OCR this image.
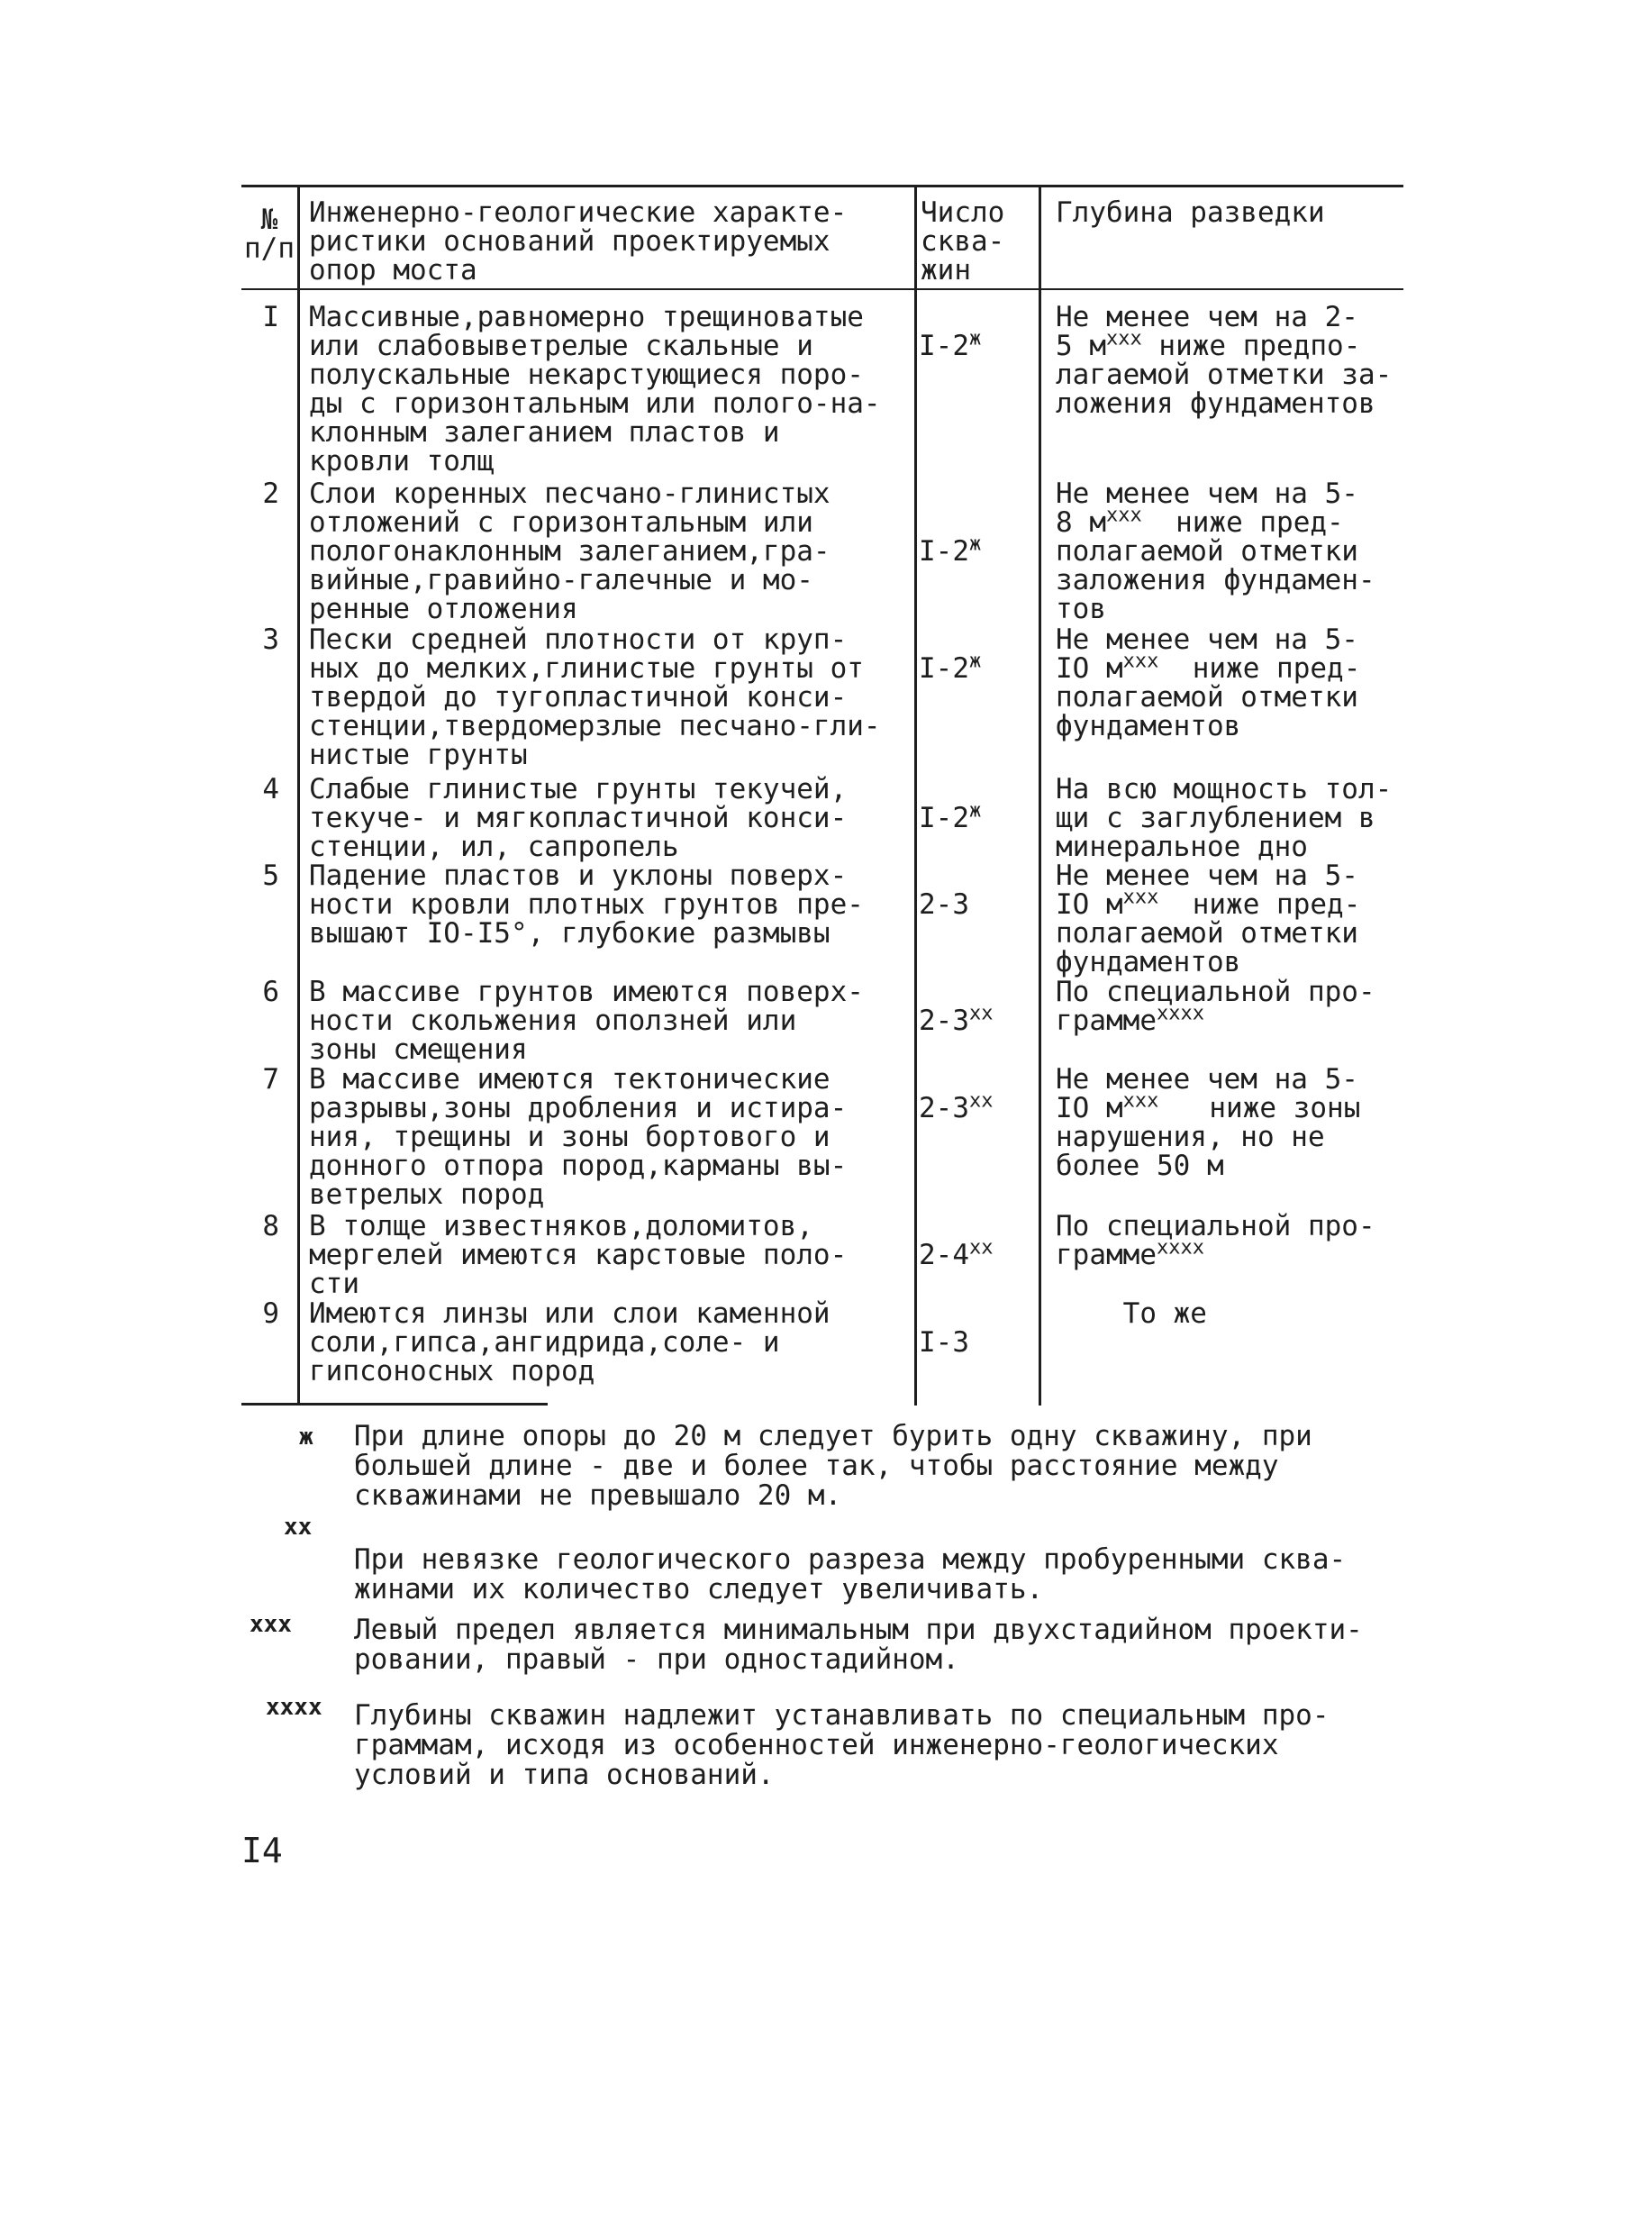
№
п/п
Инженерно-геологические характе-
ристики оснований проектируемых
опор моста
Число
сква-
жин
Глубина разведки
I Массивные,равномерно трещиноватые
или слабовыветрелые скальные и
полускальные некарстующиеся поро-
ды с горизонтальным или полого-на-
клонным залеганием пластов и
кровли толщ
$I-2^ж$
Не менее чем на 2-
5 $м^{xxx}$ ниже предпо-
лагаемой отметки за-
ложения фундаментов
2 Слои коренных песчано-глинистых
отложений с горизонтальным или
пологонаклонным залеганием,гра-
вийные,гравийно-галечные и мо-
ренные отложения
$I-2^ж$
Не менее чем на 5-
8 $м^{xxx}$  ниже пред-
полагаемой отметки
заложения фундамен-
тов
3 Пески средней плотности от круп-
ных до мелких,глинистые грунты от
твердой до тугопластичной конси-
стенции,твердомерзлые песчано-гли-
нистые грунты
$I-2^ж$
Не менее чем на 5-
IO $м^{xxx}$  ниже пред-
полагаемой отметки
фундаментов
4 Слабые глинистые грунты текучей,
текуче- и мягкопластичной конси-
стенции, ил, сапропель
$I-2^ж$
На всю мощность тол-
щи с заглублением в
минеральное дно
5 Падение пластов и уклоны поверх-
ности кровли плотных грунтов пре-
вышают IO-I5°, глубокие размывы
2-3
Не менее чем на 5-
IO $м^{xxx}$  ниже пред-
полагаемой отметки
фундаментов
6 В массиве грунтов имеются поверх-
ности скольжения оползней или
зоны смещения
2-3$^{xx}$
По специальной про-
грамме$^{xxxx}$
7 В массиве имеются тектонические
разрывы,зоны дробления и истира-
ния, трещины и зоны бортового и
донного отпора пород,карманы вы-
ветрелых пород
2-3$^{xx}$
Не менее чем на 5-
IO $м^{xxx}$   ниже зоны
нарушения, но не
более 50 м
8 В толще известняков,доломитов,
мергелей имеются карстовые поло-
сти
2-4$^{xx}$
По специальной про-
грамме$^{xxxx}$
9 Имеются линзы или слои каменной
соли,гипса,ангидрида,соле- и
гипсоносных пород
I-3
То же
ж При длине опоры до 20 м следует бурить одну скважину, при
большей длине - две и более так, чтобы расстояние между
скважинами не превышало 20 м.
xx
При невязке геологического разреза между пробуренными сква-
жинами их количество следует увеличивать.
xxx Левый предел является минимальным при двухстадийном проекти-
ровании, правый - при одностадийном.
xxxx Глубины скважин надлежит устанавливать по специальным про-
граммам, исходя из особенностей инженерно-геологических
условий и типа оснований.
I4
